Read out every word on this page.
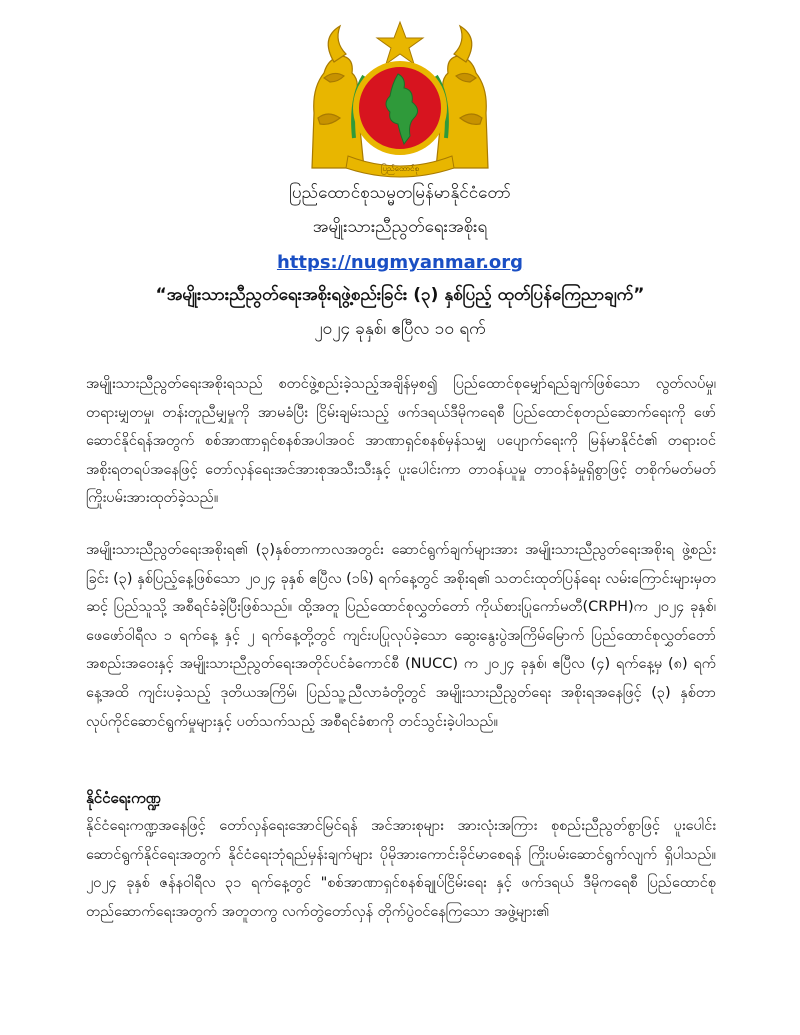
ပြည်ထောင်စု
ပြည်ထောင်စုသမ္မတမြန်မာနိုင်ငံတော်
အမျိုးသားညီညွတ်ရေးအစိုးရ
https://nugmyanmar.org
“အမျိုးသားညီညွတ်ရေးအစိုးရဖွဲ့စည်းခြင်း (၃) နှစ်ပြည့် ထုတ်ပြန်ကြေညာချက်”
၂၀၂၄ ခုနှစ်၊ ဧပြီလ ၁၀ ရက်
အမျိုးသားညီညွတ်ရေးအစိုးရသည် စတင်ဖွဲ့စည်းခဲ့သည့်အချိန်မှစ၍ ပြည်ထောင်စုမျှော်ရည်ချက်ဖြစ်သော လွတ်လပ်မှု၊ တရားမျှတမှု၊ တန်းတူညီမျှမှုကို အာမခံပြီး ငြိမ်းချမ်းသည့် ဖက်ဒရယ်ဒီမိုကရေစီ ပြည်ထောင်စုတည်ဆောက်ရေးကို ဖော်ဆောင်နိုင်ရန်အတွက် စစ်အာဏာရှင်စနစ်အပါအဝင် အာဏာရှင်စနစ်မှန်သမျှ ပပျောက်ရေးကို မြန်မာနိုင်ငံ၏ တရားဝင် အစိုးရတရပ်အနေဖြင့် တော်လှန်ရေးအင်အားစုအသီးသီးနှင့် ပူးပေါင်းကာ တာဝန်ယူမှု တာဝန်ခံမှုရှိစွာဖြင့် တစိုက်မတ်မတ် ကြိုးပမ်းအားထုတ်ခဲ့သည်။
အမျိုးသားညီညွတ်ရေးအစိုးရ၏ (၃)နှစ်တာကာလအတွင်း ဆောင်ရွက်ချက်များအား အမျိုးသားညီညွတ်ရေးအစိုးရ ဖွဲ့စည်းခြင်း (၃) နှစ်ပြည့်နေ့ဖြစ်သော ၂၀၂၄ ခုနှစ် ဧပြီလ (၁၆) ရက်နေ့တွင် အစိုးရ၏ သတင်းထုတ်ပြန်ရေး လမ်းကြောင်းများမှတဆင့် ပြည်သူသို့ အစီရင်ခံခဲ့ပြီးဖြစ်သည်။ ထို့အတူ ပြည်ထောင်စုလွှတ်တော် ကိုယ်စားပြုကော်မတီ(CRPH)က ၂၀၂၄ ခုနှစ်၊ ဖေဖော်ဝါရီလ ၁ ရက်နေ့ နှင့် ၂ ရက်နေ့တို့တွင် ကျင်းပပြုလုပ်ခဲ့သော ဆွေးနွေးပွဲအကြိမ်မြောက် ပြည်ထောင်စုလွှတ်တော်အစည်းအဝေးနှင့် အမျိုးသားညီညွတ်ရေးအတိုင်ပင်ခံကောင်စီ (NUCC) က ၂၀၂၄ ခုနှစ်၊ ဧပြီလ (၄) ရက်နေ့မှ (၈) ရက်နေ့အထိ ကျင်းပခဲ့သည့် ဒုတိယအကြိမ်၊ ပြည်သူ့ညီလာခံတို့တွင် အမျိုးသားညီညွတ်ရေး အစိုးရအနေဖြင့် (၃) နှစ်တာ လုပ်ကိုင်ဆောင်ရွက်မှုများနှင့် ပတ်သက်သည့် အစီရင်ခံစာကို တင်သွင်းခဲ့ပါသည်။
နိုင်ငံရေးကဏ္ဍ
နိုင်ငံရေးကဏ္ဍအနေဖြင့် တော်လှန်ရေးအောင်မြင်ရန် အင်အားစုများ အားလုံးအကြား စုစည်းညီညွတ်စွာဖြင့် ပူးပေါင်း ဆောင်ရွက်နိုင်ရေးအတွက် နိုင်ငံရေးဘုံရည်မှန်းချက်များ ပိုမိုအားကောင်းခိုင်မာစေရန် ကြိုးပမ်းဆောင်ရွက်လျက် ရှိပါသည်။ ၂၀၂၄ ခုနှစ် ဇန်နဝါရီလ ၃၁ ရက်နေ့တွင် "စစ်အာဏာရှင်စနစ်ချုပ်ငြိမ်းရေး နှင့် ဖက်ဒရယ် ဒီမိုကရေစီ ပြည်ထောင်စု တည်ဆောက်ရေးအတွက် အတူတကွ လက်တွဲတော်လှန် တိုက်ပွဲဝင်နေကြသော အဖွဲ့များ၏
